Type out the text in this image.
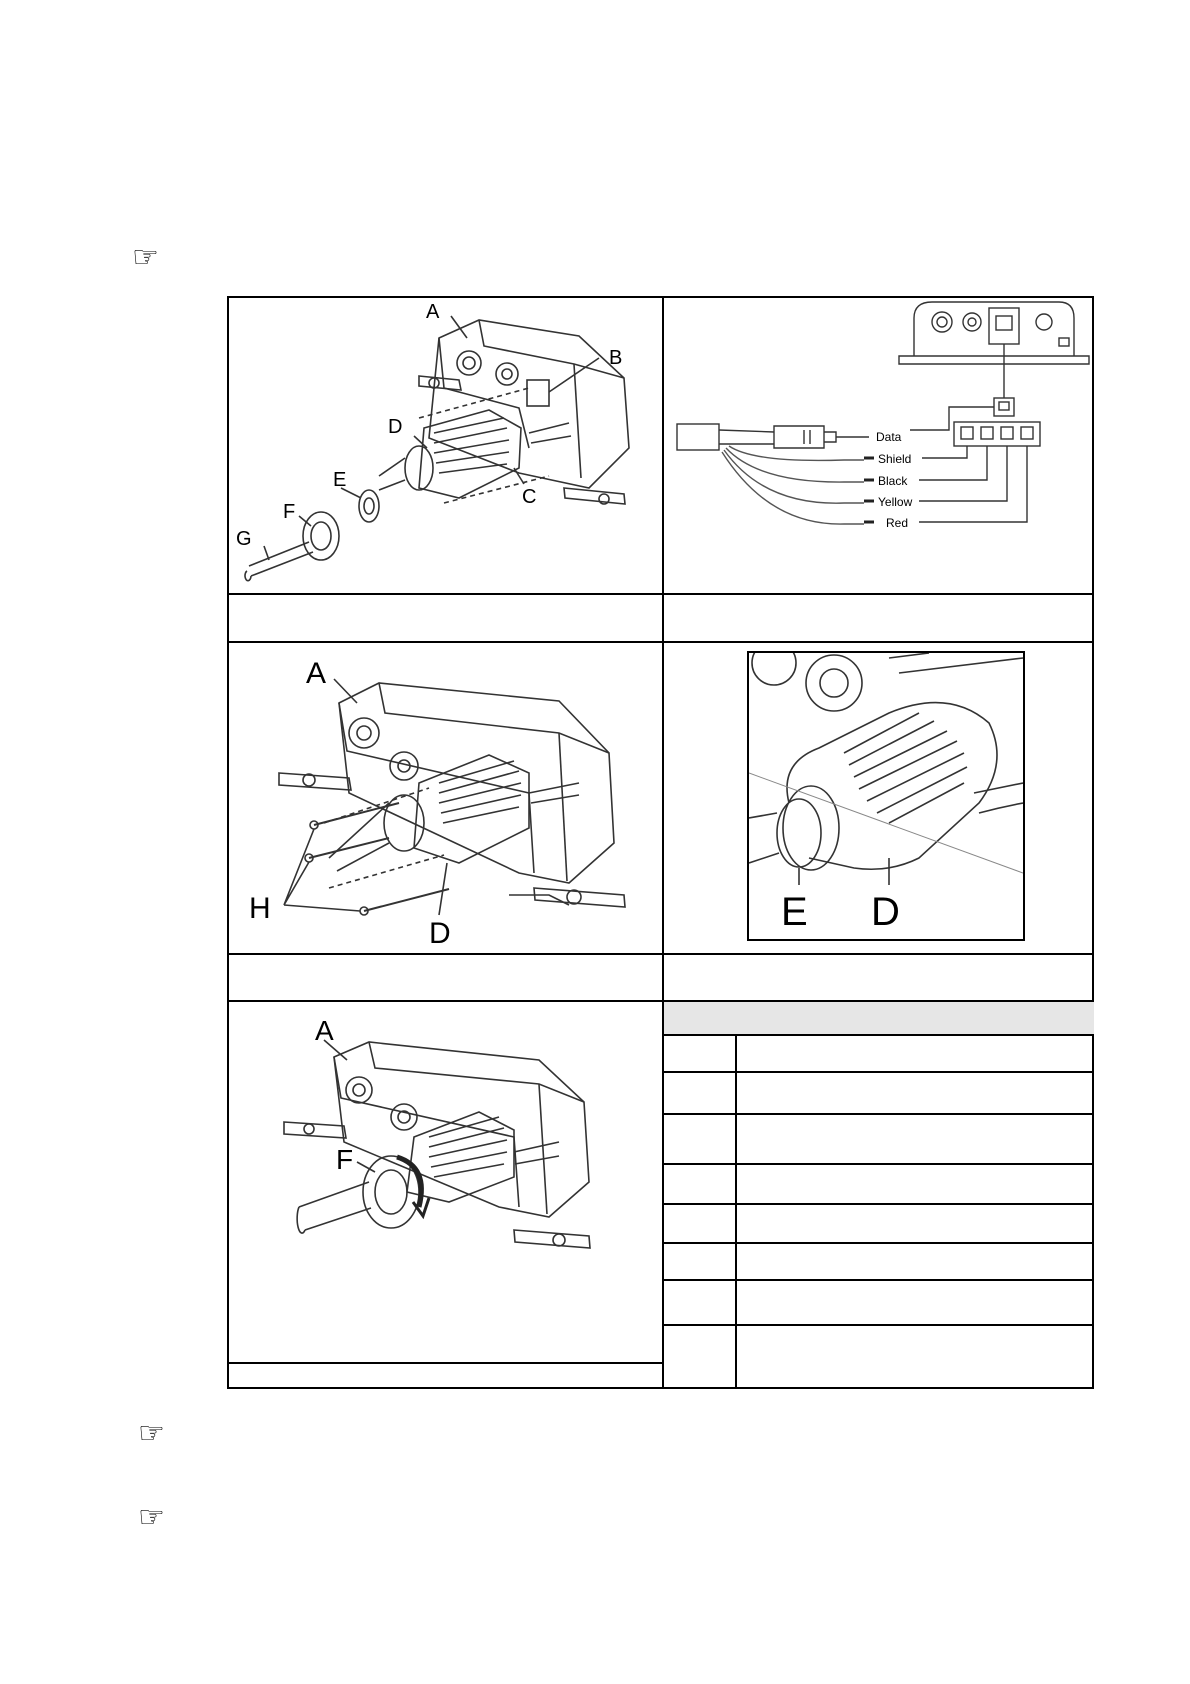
☞
☞
☞
A
B
D
C
E
F
G
Data
Shield
Black
Yellow
Red
A
H
D	E D
A
F
